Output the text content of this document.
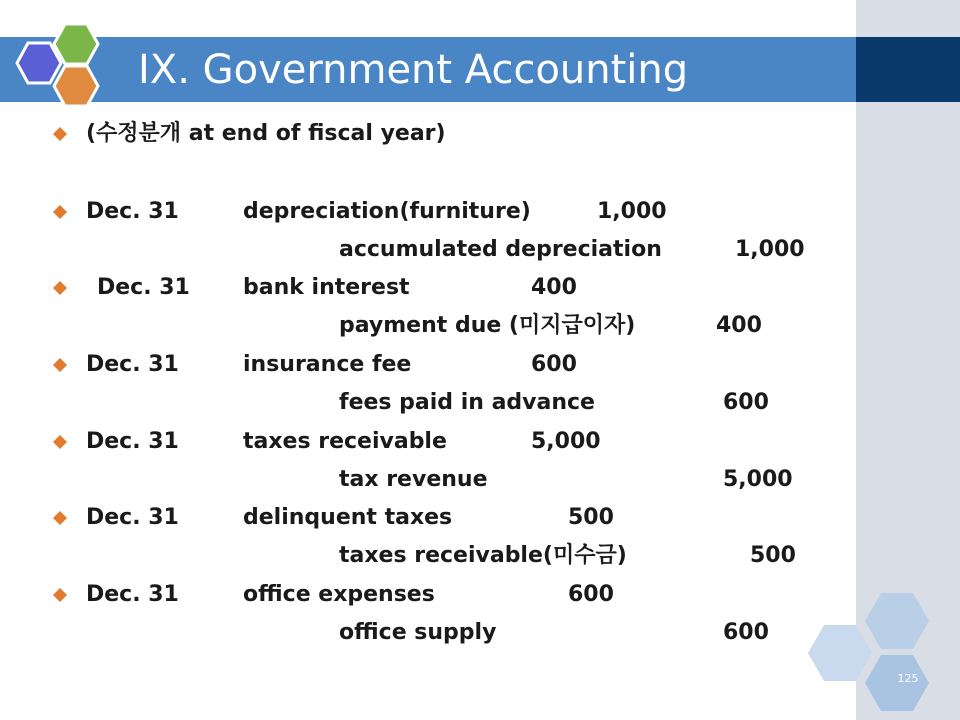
IX. Government Accounting
(수정분개 at end of fiscal year)
Dec. 31	depreciation(furniture)	1,000
accumulated depreciation	1,000
Dec. 31 bank interest	400
payment due (미지급이자)	400
Dec. 31	insurance fee	600
fees paid in advance	600
Dec. 31	taxes receivable	5,000
tax revenue	5,000
Dec. 31	delinquent taxes	500
taxes receivable(미수금)	500
Dec. 31	office expenses	600
office supply	600
125
